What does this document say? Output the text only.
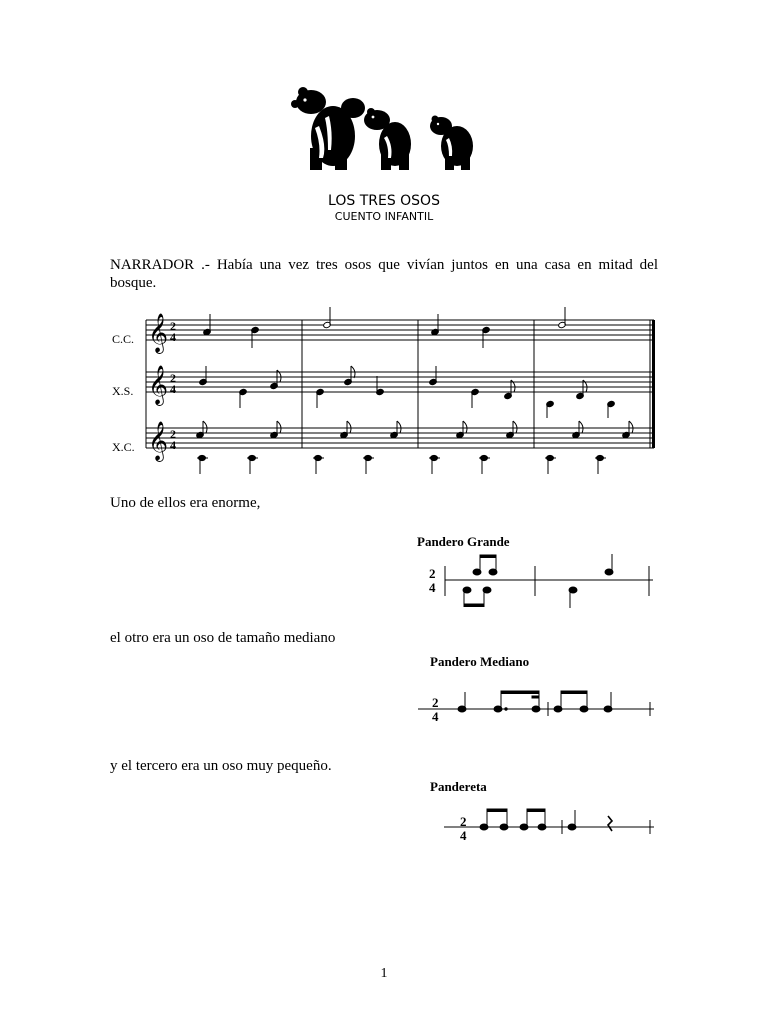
LOS TRES OSOS
CUENTO INFANTIL
NARRADOR .- Había una vez tres osos que vivían juntos en una casa en mitad del bosque.
C.C.
X.S.
X.C.
𝄞
𝄞
𝄞
2
4
2
4
2
4
Uno de ellos era enorme,
Pandero Grande
2
4
el otro era un oso de tamaño mediano
Pandero Mediano
2
4
y el tercero era un oso muy pequeño.
Pandereta
2
4
1
